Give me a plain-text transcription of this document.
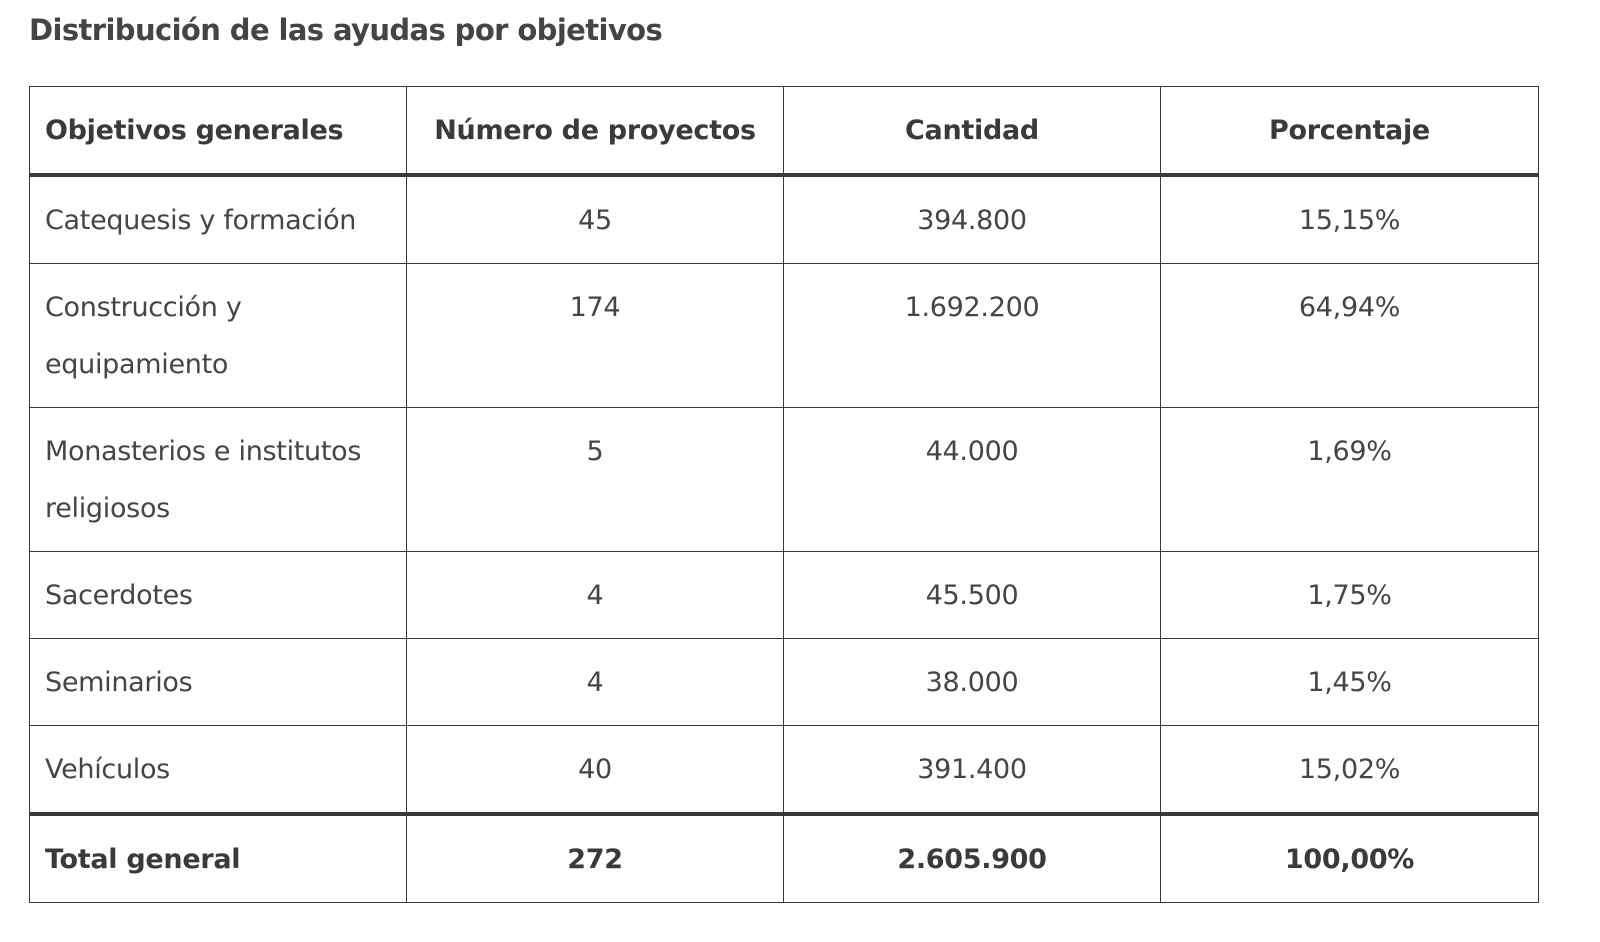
Distribución de las ayudas por objetivos
Objetivos generales	Número de proyectos	Cantidad	Porcentaje
Catequesis y formación	45	394.800	15,15%
Construcción y equipamiento	174	1.692.200	64,94%
Monasterios e institutos religiosos	5	44.000	1,69%
Sacerdotes	4	45.500	1,75%
Seminarios	4	38.000	1,45%
Vehículos	40	391.400	15,02%
Total general	272	2.605.900	100,00%
